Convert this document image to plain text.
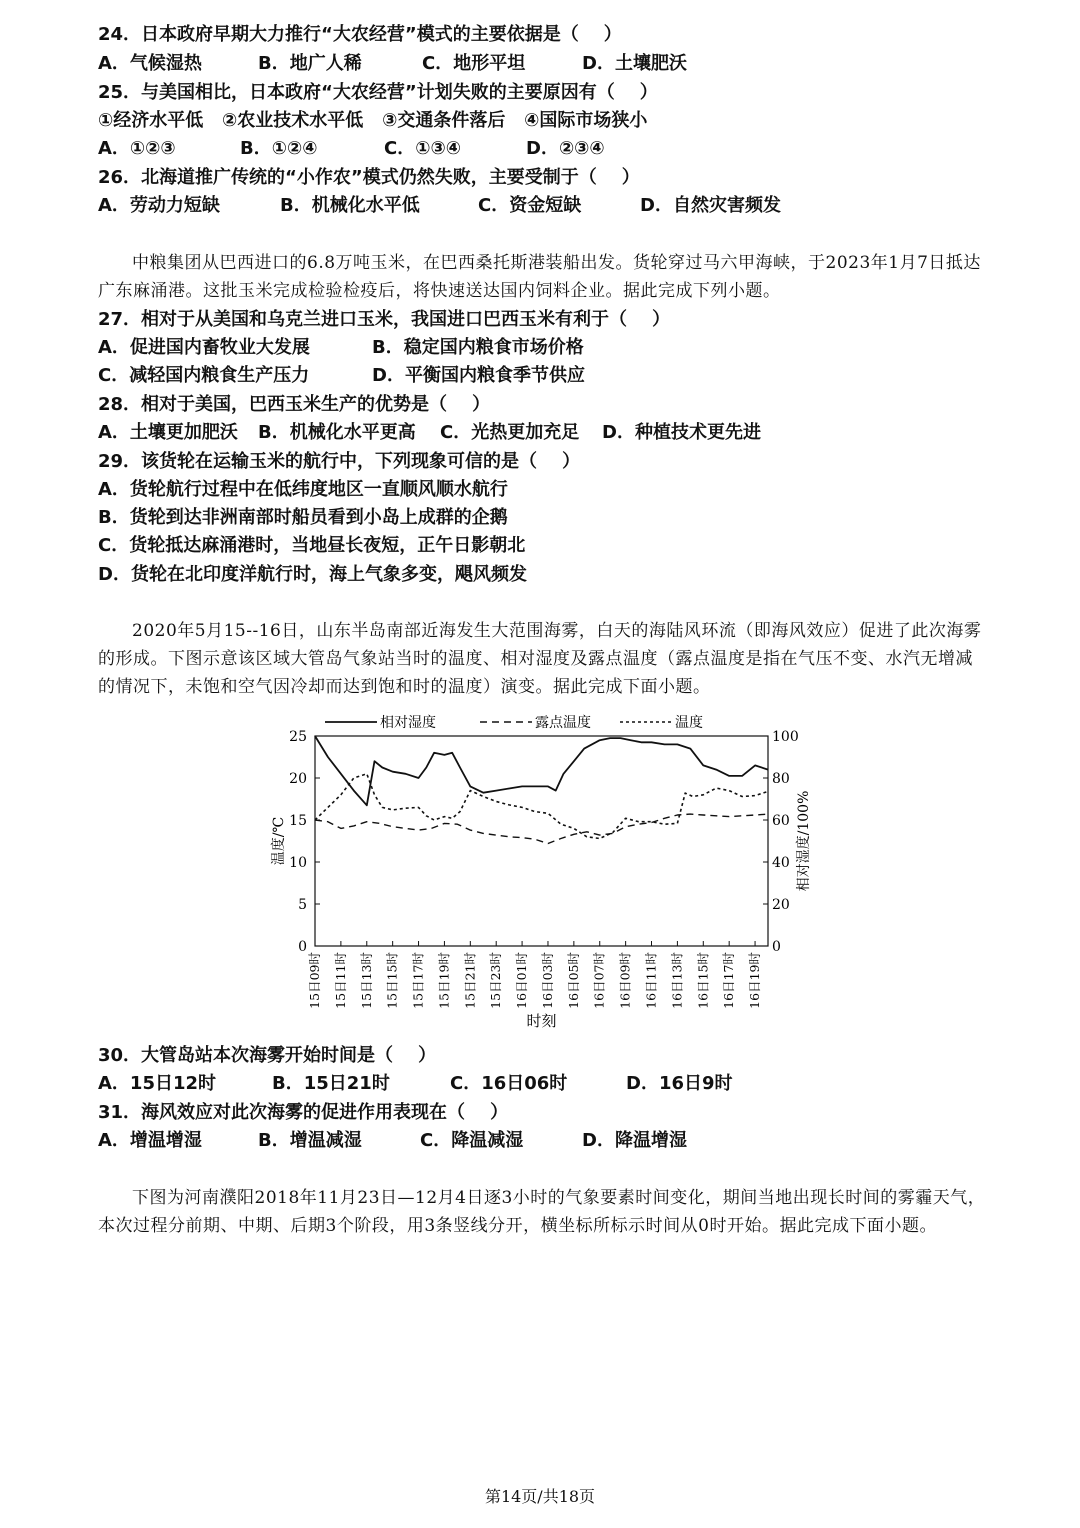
24．日本政府早期大力推行“大农经营”模式的主要依据是（    ）
A．气候湿热	B．地广人稀	C．地形平坦	D．土壤肥沃
25．与美国相比，日本政府“大农经营”计划失败的主要原因有（    ）
①经济水平低   ②农业技术水平低   ③交通条件落后   ④国际市场狭小
A．①②③	B．①②④	C．①③④	D．②③④
26．北海道推广传统的“小作农”模式仍然失败，主要受制于（    ）
A．劳动力短缺	B．机械化水平低	C．资金短缺	D．自然灾害频发
中粮集团从巴西进口的6.8万吨玉米，在巴西桑托斯港装船出发。货轮穿过马六甲海峡，于2023年1月7日抵达广东麻涌港。这批玉米完成检验检疫后，将快速送达国内饲料企业。据此完成下列小题。
27．相对于从美国和乌克兰进口玉米，我国进口巴西玉米有利于（    ）
A．促进国内畜牧业大发展	B．稳定国内粮食市场价格
C．减轻国内粮食生产压力	D．平衡国内粮食季节供应
28．相对于美国，巴西玉米生产的优势是（    ）
A．土壤更加肥沃 B．机械化水平更高 C．光热更加充足 D．种植技术更先进
29．该货轮在运输玉米的航行中，下列现象可信的是（    ）
A．货轮航行过程中在低纬度地区一直顺风顺水航行
B．货轮到达非洲南部时船员看到小岛上成群的企鹅
C．货轮抵达麻涌港时，当地昼长夜短，正午日影朝北
D．货轮在北印度洋航行时，海上气象多变，飓风频发
2020年5月15--16日，山东半岛南部近海发生大范围海雾，白天的海陆风环流（即海风效应）促进了此次海雾的形成。下图示意该区域大管岛气象站当时的温度、相对湿度及露点温度（露点温度是指在气压不变、水汽无增减的情况下，未饱和空气因冷却而达到饱和时的温度）演变。据此完成下面小题。
0
5
10
15
20
25
0
20
40
60
80
100
15日09时 15日11时 15日13时 15日15时 15日17时 15日19时 15日21时 15日23时 16日01时 16日03时 16日05时 16日07时 16日09时 16日11时 16日13时 16日15时 16日17时 16日19时
温度/℃	相对湿度/100%
时刻
相对湿度	露点温度	温度
30．大管岛站本次海雾开始时间是（    ）
A．15日12时	B．15日21时	C．16日06时	D．16日9时
31．海风效应对此次海雾的促进作用表现在（    ）
A．增温增湿	B．增温减湿	C．降温减湿	D．降温增湿
下图为河南濮阳2018年11月23日—12月4日逐3小时的气象要素时间变化，期间当地出现长时间的雾霾天气，本次过程分前期、中期、后期3个阶段，用3条竖线分开，横坐标所标示时间从0时开始。据此完成下面小题。
第14页/共18页
